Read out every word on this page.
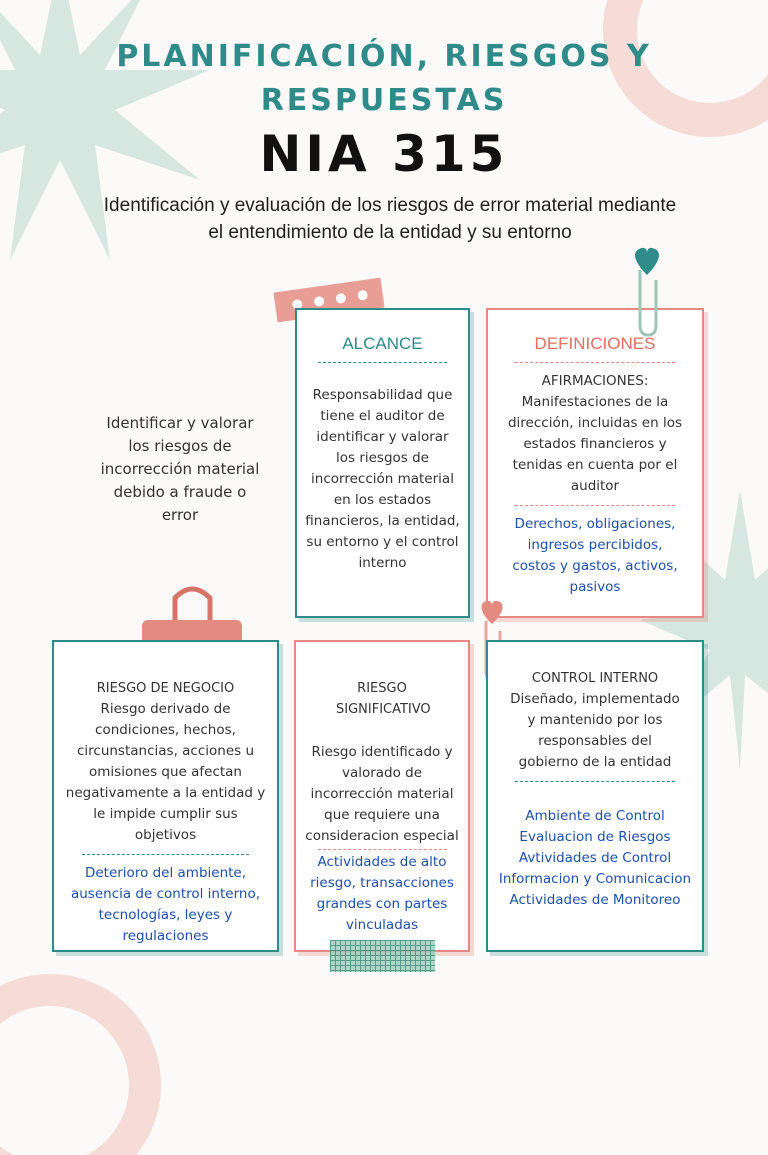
PLANIFICACIÓN, RIESGOS Y
RESPUESTAS
NIA 315
Identificación y evaluación de los riesgos de error material mediante el entendimiento de la entidad y su entorno
Identificar y valorar los riesgos de incorrección material debido a fraude o error

ALCANCE

Responsabilidad que tiene el auditor de identificar y valorar los riesgos de incorrección material en los estados financieros, la entidad, su entorno y el control interno

DEFINICIONES

AFIRMACIONES: Manifestaciones de la dirección, incluidas en los estados financieros y tenidas en cuenta por el auditor
Derechos, obligaciones, ingresos percibidos, costos y gastos, activos, pasivos
RIESGO DE NEGOCIO
Riesgo derivado de condiciones, hechos, circunstancias, acciones u omisiones que afectan negativamente a la entidad y le impide cumplir sus objetivos
Deterioro del ambiente, ausencia de control interno, tecnologías, leyes y regulaciones
RIESGO SIGNIFICATIVO
Riesgo identificado y valorado de incorrección material que requiere una consideracion especial
Actividades de alto riesgo, transacciones grandes con partes vinculadas
CONTROL INTERNO
Diseñado, implementado y mantenido por los responsables del gobierno de la entidad
Ambiente de Control
Evaluacion de Riesgos
Avtividades de Control
Informacion y Comunicacion
Actividades de Monitoreo
